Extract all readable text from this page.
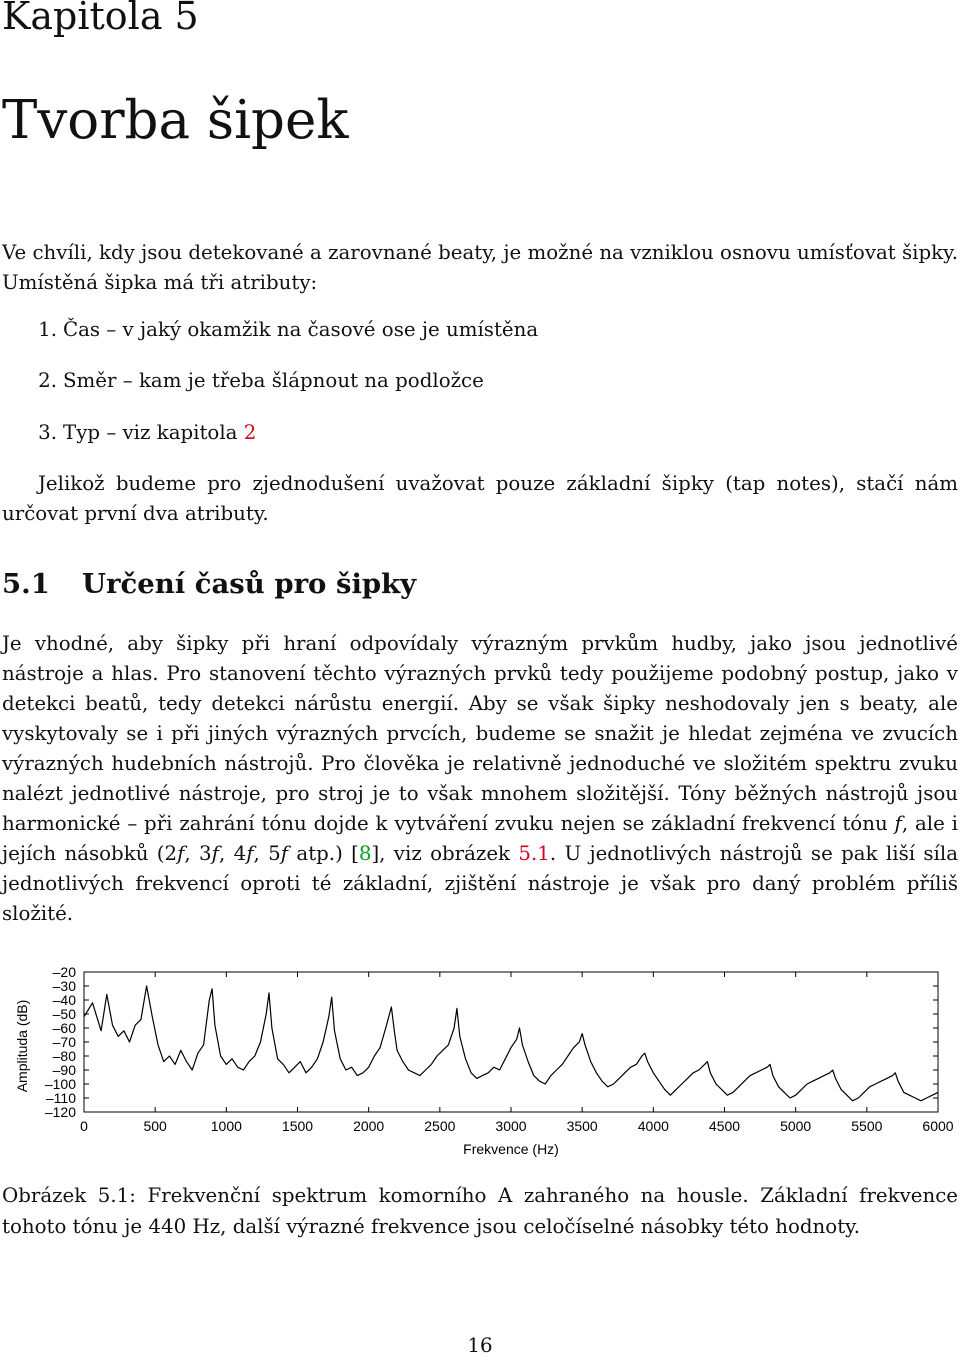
Kapitola 5
Tvorba šipek
Ve chvíli, kdy jsou detekované a zarovnané beaty, je možné na vzniklou osnovu umísťovat šipky. Umístěná šipka má tři atributy:
1. Čas – v jaký okamžik na časové ose je umístěna
2. Směr – kam je třeba šlápnout na podložce
3. Typ – viz kapitola 2
Jelikož budeme pro zjednodušení uvažovat pouze základní šipky (tap notes), stačí nám určovat první dva atributy.
5.1 Určení časů pro šipky
Je vhodné, aby šipky při hraní odpovídaly výrazným prvkům hudby, jako jsou jednotlivé nástroje a hlas. Pro stanovení těchto výrazných prvků tedy použijeme podobný postup, jako v detekci beatů, tedy detekci nárůstu energií. Aby se však šipky neshodovaly jen s beaty, ale vyskytovaly se i při jiných výrazných prvcích, budeme se snažit je hledat zejména ve zvucích výrazných hudebních nástrojů. Pro člověka je relativně jednoduché ve složitém spektru zvuku nalézt jednotlivé nástroje, pro stroj je to však mnohem složitější. Tóny běžných nástrojů jsou harmonické – při zahrání tónu dojde k vytváření zvuku nejen se základní frekvencí tónu f, ale i jejích násobků (2f, 3f, 4f, 5f atp.) [8], viz obrázek 5.1. U jednotlivých nástrojů se pak liší síla jednotlivých frekvencí oproti té základní, zjištění nástroje je však pro daný problém příliš složité.
0	500	1000	1500	2000	2500	3000	3500	4000	4500	5000	5500	6000
–20
–30
–40
–50
–60
–70
–80
–90
–100
–110
–120
Frekvence (Hz)
Amplituda (dB)
Obrázek 5.1: Frekvenční spektrum komorního A zahraného na housle. Základní frekvence tohoto tónu je 440 Hz, další výrazné frekvence jsou celočíselné násobky této hodnoty.
16
